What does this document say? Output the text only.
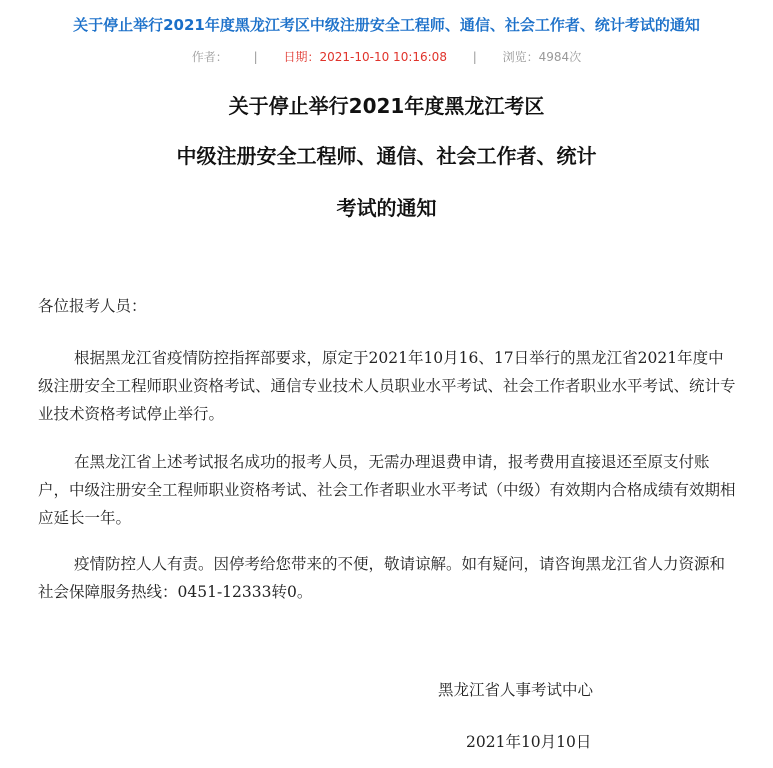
关于停止举行2021年度黑龙江考区中级注册安全工程师、通信、社会工作者、统计考试的通知
作者： | 日期：2021-10-10 10:16:08 | 浏览：4984次
关于停止举行2021年度黑龙江考区
中级注册安全工程师、通信、社会工作者、统计
考试的通知
各位报考人员：
根据黑龙江省疫情防控指挥部要求，原定于2021年10月16、17日举行的黑龙江省2021年度中级注册安全工程师职业资格考试、通信专业技术人员职业水平考试、社会工作者职业水平考试、统计专业技术资格考试停止举行。
在黑龙江省上述考试报名成功的报考人员，无需办理退费申请，报考费用直接退还至原支付账户，中级注册安全工程师职业资格考试、社会工作者职业水平考试（中级）有效期内合格成绩有效期相应延长一年。
疫情防控人人有责。因停考给您带来的不便，敬请谅解。如有疑问，请咨询黑龙江省人力资源和社会保障服务热线：0451-12333转0。
黑龙江省人事考试中心
2021年10月10日
